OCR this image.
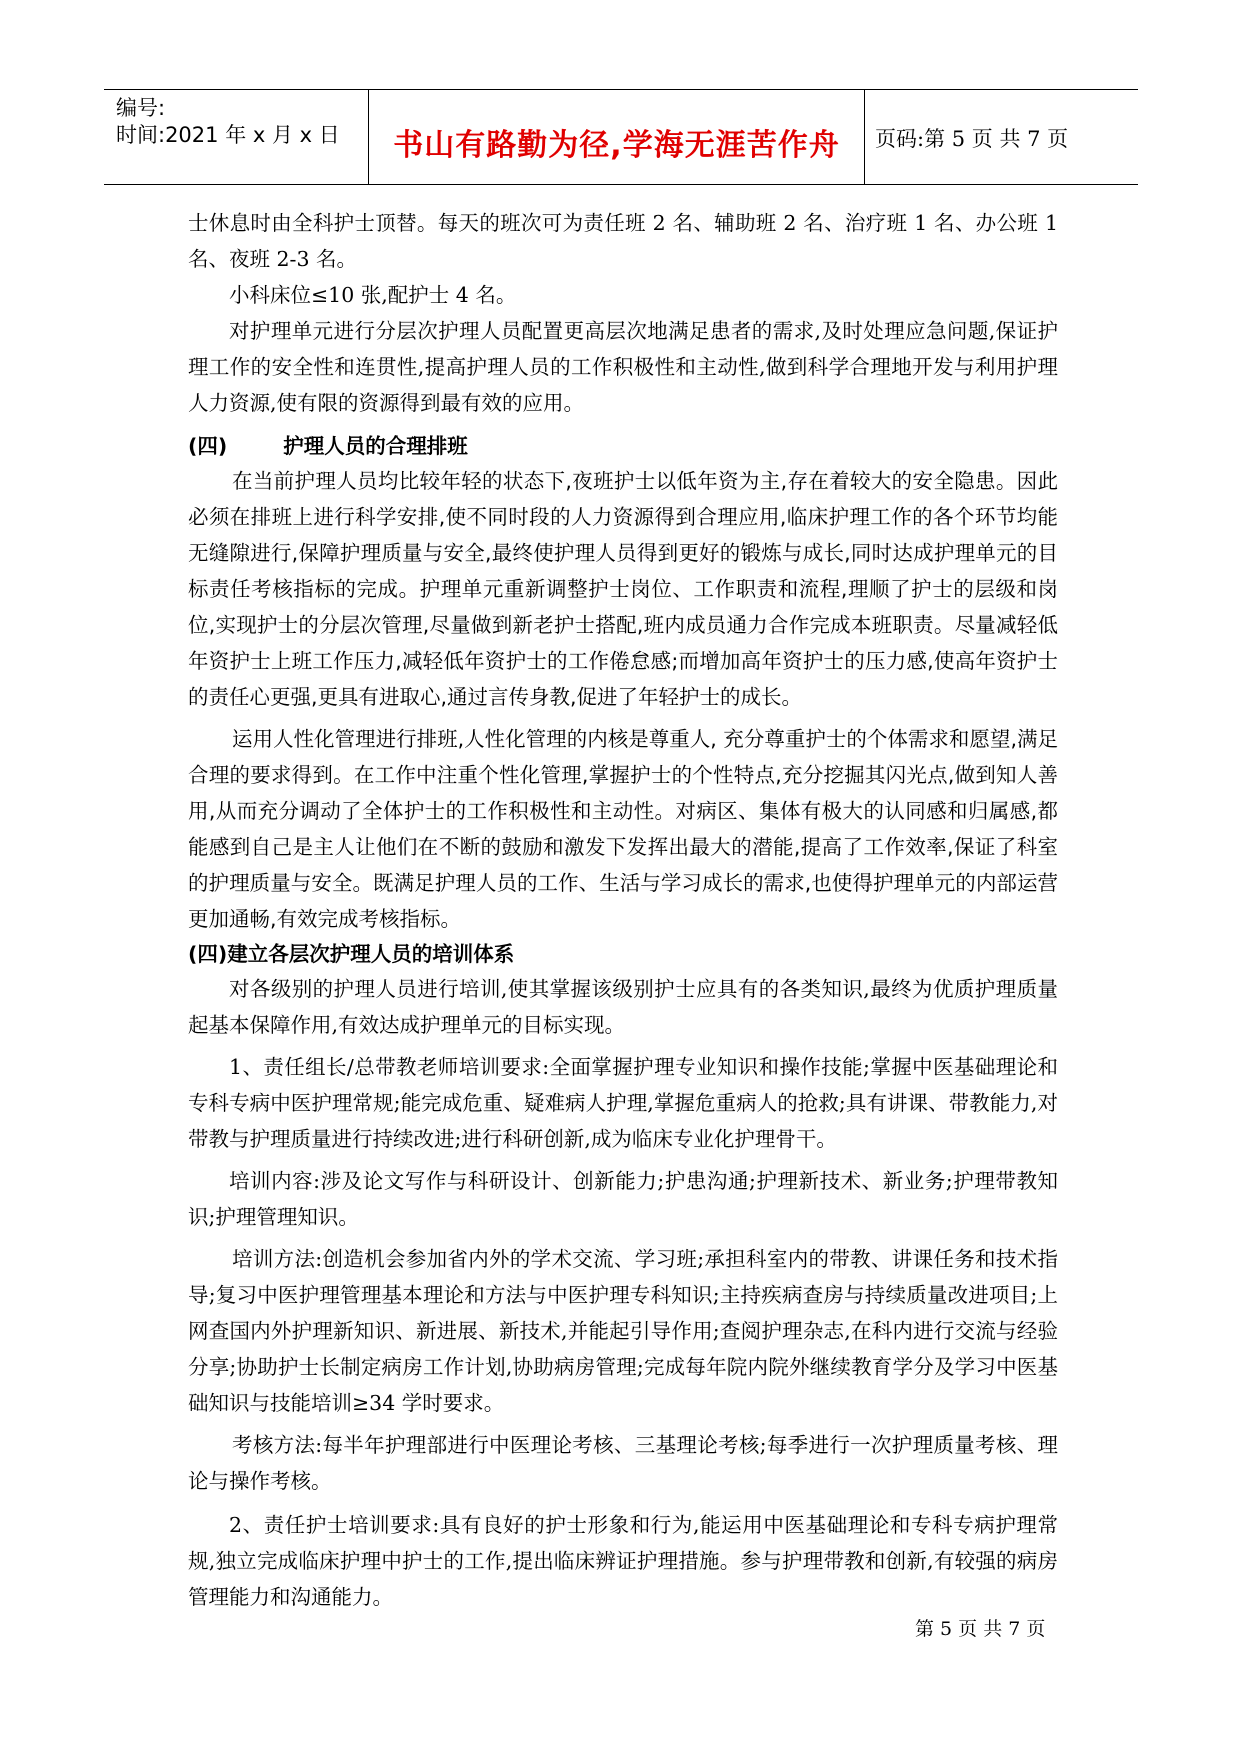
编号:
时间:2021 年 x 月 x 日	书山有路勤为径,学海无涯苦作舟	页码:第 5 页 共 7 页

士休息时由全科护士顶替。每天的班次可为责任班 2 名、辅助班 2 名、治疗班 1 名、办公班 1 名、夜班 2-3 名。

小科床位≤10 张,配护士 4 名。

对护理单元进行分层次护理人员配置更高层次地满足患者的需求,及时处理应急问题,保证护理工作的安全性和连贯性,提高护理人员的工作积极性和主动性,做到科学合理地开发与利用护理人力资源,使有限的资源得到最有效的应用。

(四)	护理人员的合理排班

在当前护理人员均比较年轻的状态下,夜班护士以低年资为主,存在着较大的安全隐患。因此必须在排班上进行科学安排,使不同时段的人力资源得到合理应用,临床护理工作的各个环节均能无缝隙进行,保障护理质量与安全,最终使护理人员得到更好的锻炼与成长,同时达成护理单元的目标责任考核指标的完成。护理单元重新调整护士岗位、工作职责和流程,理顺了护士的层级和岗位,实现护士的分层次管理,尽量做到新老护士搭配,班内成员通力合作完成本班职责。尽量减轻低年资护士上班工作压力,减轻低年资护士的工作倦怠感;而增加高年资护士的压力感,使高年资护士的责任心更强,更具有进取心,通过言传身教,促进了年轻护士的成长。

运用人性化管理进行排班,人性化管理的内核是尊重人, 充分尊重护士的个体需求和愿望,满足合理的要求得到。在工作中注重个性化管理,掌握护士的个性特点,充分挖掘其闪光点,做到知人善用,从而充分调动了全体护士的工作积极性和主动性。对病区、集体有极大的认同感和归属感,都能感到自己是主人让他们在不断的鼓励和激发下发挥出最大的潜能,提高了工作效率,保证了科室的护理质量与安全。既满足护理人员的工作、生活与学习成长的需求,也使得护理单元的内部运营更加通畅,有效完成考核指标。

(四)建立各层次护理人员的培训体系

对各级别的护理人员进行培训,使其掌握该级别护士应具有的各类知识,最终为优质护理质量起基本保障作用,有效达成护理单元的目标实现。

1、责任组长/总带教老师培训要求:全面掌握护理专业知识和操作技能;掌握中医基础理论和专科专病中医护理常规;能完成危重、疑难病人护理,掌握危重病人的抢救;具有讲课、带教能力,对带教与护理质量进行持续改进;进行科研创新,成为临床专业化护理骨干。

培训内容:涉及论文写作与科研设计、创新能力;护患沟通;护理新技术、新业务;护理带教知识;护理管理知识。

培训方法:创造机会参加省内外的学术交流、学习班;承担科室内的带教、讲课任务和技术指导;复习中医护理管理基本理论和方法与中医护理专科知识;主持疾病查房与持续质量改进项目;上网查国内外护理新知识、新进展、新技术,并能起引导作用;查阅护理杂志,在科内进行交流与经验分享;协助护士长制定病房工作计划,协助病房管理;完成每年院内院外继续教育学分及学习中医基础知识与技能培训≥34 学时要求。

考核方法:每半年护理部进行中医理论考核、三基理论考核;每季进行一次护理质量考核、理论与操作考核。

2、责任护士培训要求:具有良好的护士形象和行为,能运用中医基础理论和专科专病护理常规,独立完成临床护理中护士的工作,提出临床辨证护理措施。参与护理带教和创新,有较强的病房管理能力和沟通能力。

第 5 页 共 7 页
